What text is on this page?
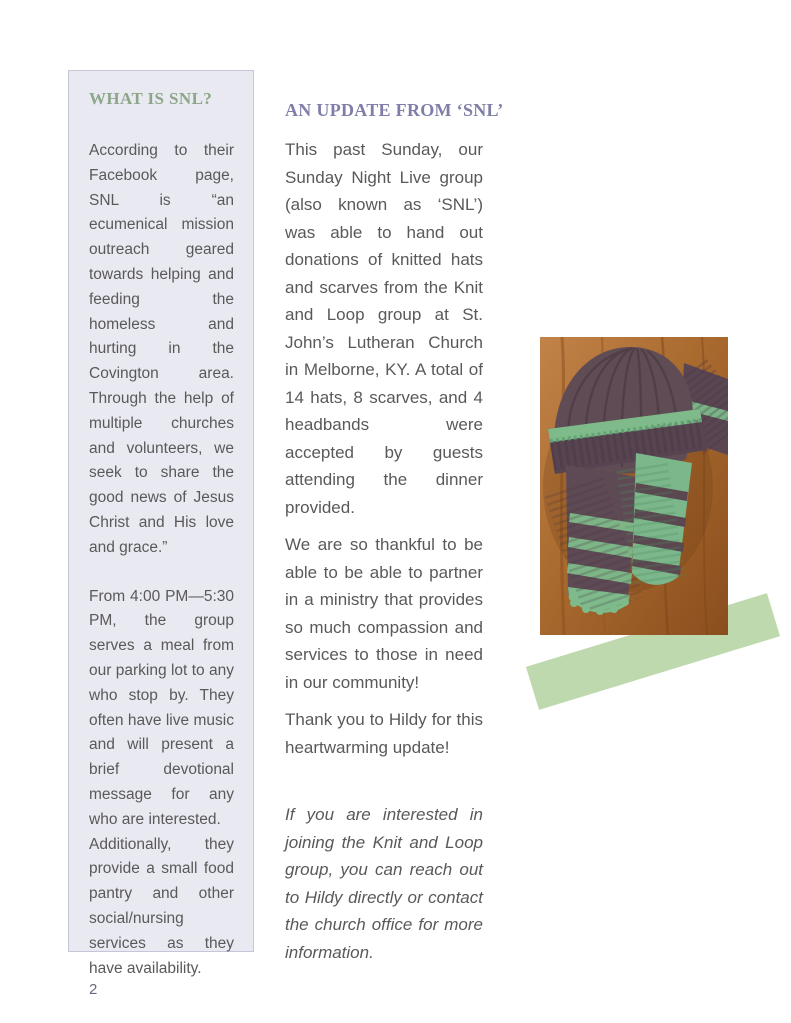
WHAT IS SNL?

According to their Facebook page, SNL is “an ecumenical mission outreach geared towards helping and feeding the homeless and hurting in the Covington area. Through the help of multiple churches and volunteers, we seek to share the good news of Jesus Christ and His love and grace.”

From 4:00 PM—5:30 PM, the group serves a meal from our parking lot to any who stop by. They often have live music and will present a brief devotional message for any who are interested.

Additionally, they provide a small food pantry and other social/nursing services as they have availability.

2
AN UPDATE FROM ‘SNL’

This past Sunday, our Sunday Night Live group (also known as ‘SNL’) was able to hand out donations of knitted hats and scarves from the Knit and Loop group at St. John’s Lutheran Church in Melborne, KY. A total of 14 hats, 8 scarves, and 4 headbands were accepted by guests attending the dinner provided.

We are so thankful to be able to be able to partner in a ministry that provides so much compassion and services to those in need in our community!

Thank you to Hildy for this heartwarming update!

If you are interested in joining the Knit and Loop group, you can reach out to Hildy directly or contact the church office for more information.
